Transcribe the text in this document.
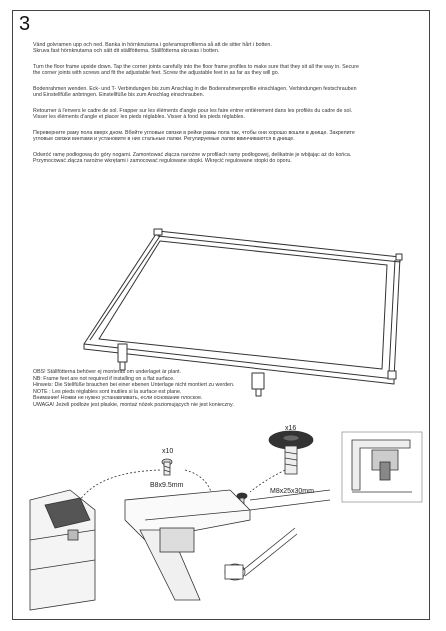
3

Vänd golvramen upp och ned. Banka in hörnknutarna i golvramsprofilerna så att de sitter hårt i botten.
Skruva fast hörnknutarna och sätt dit ställfötterna. Ställfötterna skruvas i botten.

Turn the floor frame upside down. Tap the corner joints carefully into the floor frame profiles to make sure that they sit all the way in. Secure
the corner joints with screws and fit the adjustable feet. Screw the adjustable feet in as far as they will go.

Bodenrahmen wenden. Eck- und T- Verbindungen bis zum Anschlag in die Bodenrahmenprofile einschlagen. Verbindungen festschrauben
und Einstellfüße anbringen. Einstellfüße bis zum Anschlag einschrauben.

Retourner à l'envers le cadre de sol. Frapper sur les éléments d'angle pour les faire entrer entièrement dans les profilés du cadre de sol.
Visser les éléments d'angle et placer les pieds réglables. Visser à fond les pieds réglables.

Переверните раму пола вверх дном. Вбейте угловые связки в рейки рамы пола так, чтобы они хорошо вошли в днище. Закрепите
угловые связки винтами и установите в них стальные лапки. Регулируемые лапки ввинчиваются в днище.

Odwróć ramę podłogową do góry nogami. Zamontować złącza narożne w profilach ramy podłogowej, delikatnie je wbijając aż do końca.
Przymocować złącza narożne wkrętami i zamocować regulowane stopki. Wkręcić regulowane stopki do oporu.

OBS! Ställfötterna behöver ej monteras om underlaget är plant.
NB: Frame feet are not required if installing on a flat surface.
Hinweis: Die Stellfüße brauchen bei einer ebenen Unterlage nicht montiert zu werden.
NOTE : Les pieds réglables sont inutiles si la surface est plane.
Внимание! Ножки не нужно устанавливать, если основание плоское.
UWAGA! Jeżeli podłoże jest płaskie, montaż nóżek poziomujących nie jest konieczny.
x10
B8x9.5mm
x16
M8x25x30mm
